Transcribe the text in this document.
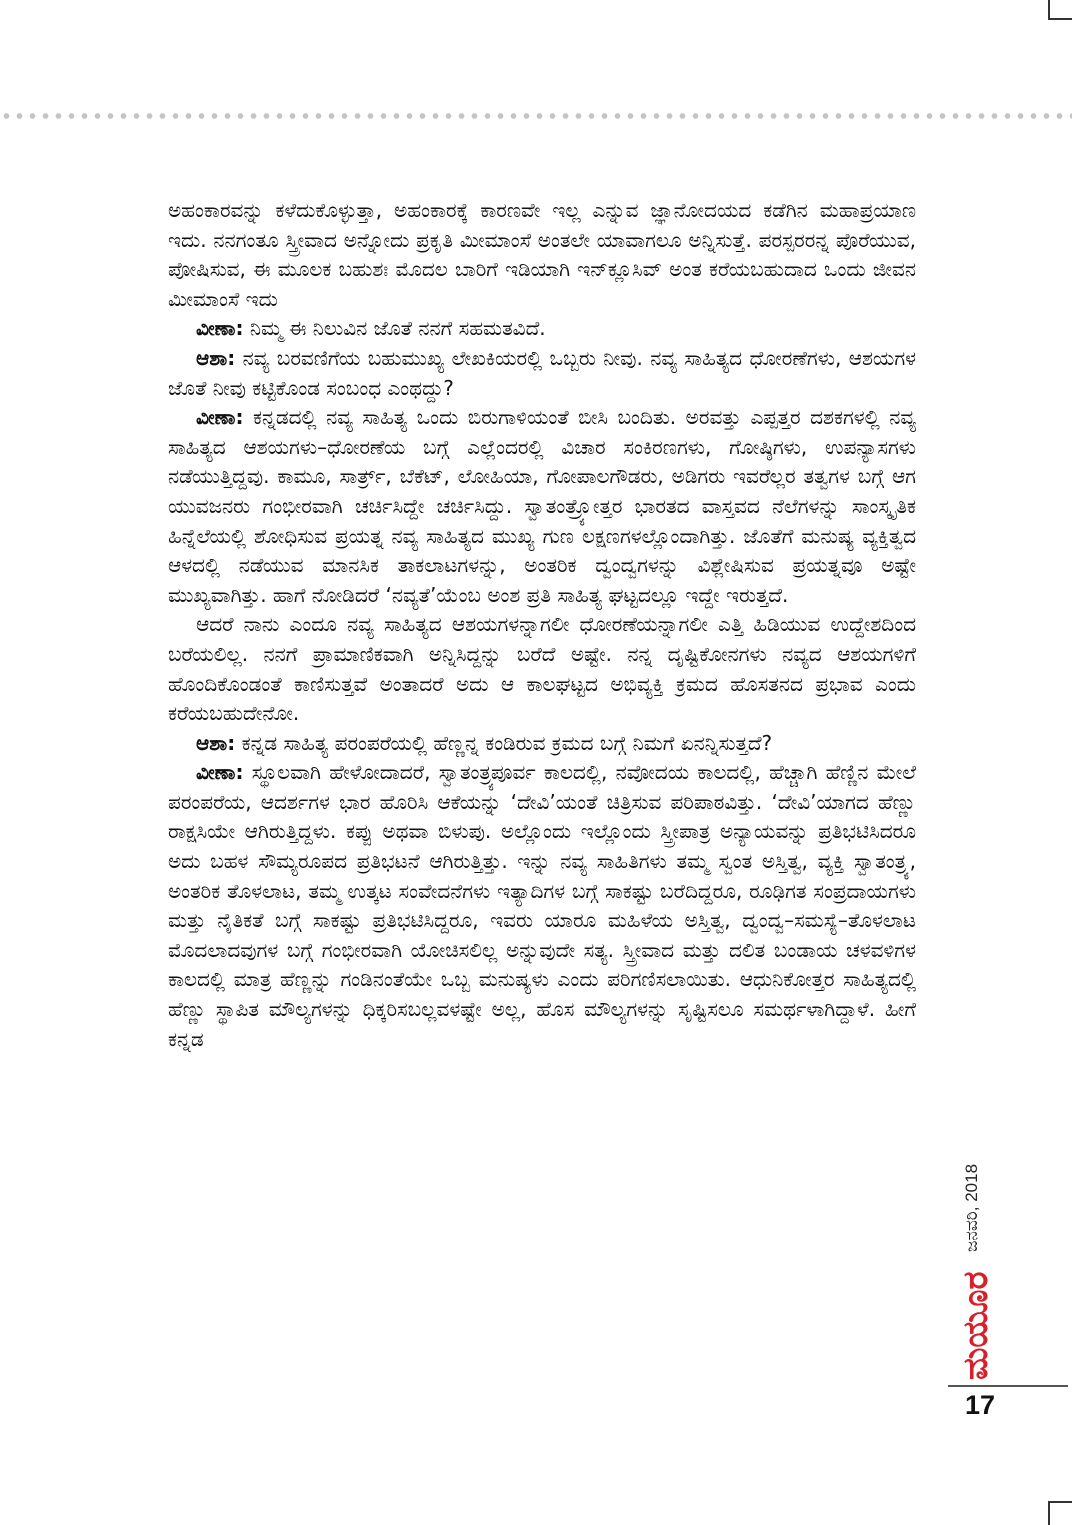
ಅಹಂಕಾರವನ್ನು ಕಳೆದುಕೊಳ್ಳುತ್ತಾ, ಅಹಂಕಾರಕ್ಕೆ ಕಾರಣವೇ ಇಲ್ಲ ಎನ್ನುವ ಜ್ಞಾನೋದಯದ ಕಡೆಗಿನ ಮಹಾಪ್ರಯಾಣ ಇದು. ನನಗಂತೂ ಸ್ತ್ರೀವಾದ ಅನ್ನೋದು ಪ್ರಕೃತಿ ಮೀಮಾಂಸೆ ಅಂತಲೇ ಯಾವಾಗಲೂ ಅನ್ನಿಸುತ್ತೆ. ಪರಸ್ಪರರನ್ನ ಪೊರೆಯುವ, ಪೋಷಿಸುವ, ಈ ಮೂಲಕ ಬಹುಶಃ ಮೊದಲ ಬಾರಿಗೆ ಇಡಿಯಾಗಿ ಇನ್‌ಕ್ಲೂಸಿವ್ ಅಂತ ಕರೆಯಬಹುದಾದ ಒಂದು ಜೀವನ ಮೀಮಾಂಸೆ ಇದು

ವೀಣಾ: ನಿಮ್ಮ ಈ ನಿಲುವಿನ ಜೊತೆ ನನಗೆ ಸಹಮತವಿದೆ.

ಆಶಾ: ನವ್ಯ ಬರವಣಿಗೆಯ ಬಹುಮುಖ್ಯ ಲೇಖಕಿಯರಲ್ಲಿ ಒಬ್ಬರು ನೀವು. ನವ್ಯ ಸಾಹಿತ್ಯದ ಧೋರಣೆಗಳು, ಆಶಯಗಳ ಜೊತೆ ನೀವು ಕಟ್ಟಿಕೊಂಡ ಸಂಬಂಧ ಎಂಥದ್ದು?

ವೀಣಾ: ಕನ್ನಡದಲ್ಲಿ ನವ್ಯ ಸಾಹಿತ್ಯ ಒಂದು ಬಿರುಗಾಳಿಯಂತೆ ಬೀಸಿ ಬಂದಿತು. ಅರವತ್ತು ಎಪ್ಪತ್ತರ ದಶಕಗಳಲ್ಲಿ ನವ್ಯ ಸಾಹಿತ್ಯದ ಆಶಯಗಳು–ಧೋರಣೆಯ ಬಗ್ಗೆ ಎಲ್ಲೆಂದರಲ್ಲಿ ವಿಚಾರ ಸಂಕಿರಣಗಳು, ಗೋಷ್ಠಿಗಳು, ಉಪನ್ಯಾಸಗಳು ನಡೆಯುತ್ತಿದ್ದವು. ಕಾಮೂ, ಸಾರ್ತ್ರ್, ಬೆಕೆಟ್, ಲೋಹಿಯಾ, ಗೋಪಾಲಗೌಡರು, ಅಡಿಗರು ಇವರೆಲ್ಲರ ತತ್ವಗಳ ಬಗ್ಗೆ ಆಗ ಯುವಜನರು ಗಂಭೀರವಾಗಿ ಚರ್ಚಿಸಿದ್ದೇ ಚರ್ಚಿಸಿದ್ದು. ಸ್ವಾತಂತ್ರ್ಯೋತ್ತರ ಭಾರತದ ವಾಸ್ತವದ ನೆಲೆಗಳನ್ನು ಸಾಂಸ್ಕೃತಿಕ ಹಿನ್ನೆಲೆಯಲ್ಲಿ ಶೋಧಿಸುವ ಪ್ರಯತ್ನ ನವ್ಯ ಸಾಹಿತ್ಯದ ಮುಖ್ಯ ಗುಣ ಲಕ್ಷಣಗಳಲ್ಲೊಂದಾಗಿತ್ತು. ಜೊತೆಗೆ ಮನುಷ್ಯ ವ್ಯಕ್ತಿತ್ವದ ಆಳದಲ್ಲಿ ನಡೆಯುವ ಮಾನಸಿಕ ತಾಕಲಾಟಗಳನ್ನು, ಅಂತರಿಕ ದ್ವಂದ್ವಗಳನ್ನು ವಿಶ್ಲೇಷಿಸುವ ಪ್ರಯತ್ನವೂ ಅಷ್ಟೇ ಮುಖ್ಯವಾಗಿತ್ತು. ಹಾಗೆ ನೋಡಿದರೆ ‘ನವ್ಯತೆ’ಯೆಂಬ ಅಂಶ ಪ್ರತಿ ಸಾಹಿತ್ಯ ಘಟ್ಟದಲ್ಲೂ ಇದ್ದೇ ಇರುತ್ತದೆ.

ಆದರೆ ನಾನು ಎಂದೂ ನವ್ಯ ಸಾಹಿತ್ಯದ ಆಶಯಗಳನ್ನಾಗಲೀ ಧೋರಣೆಯನ್ನಾಗಲೀ ಎತ್ತಿ ಹಿಡಿಯುವ ಉದ್ದೇಶದಿಂದ ಬರೆಯಲಿಲ್ಲ. ನನಗೆ ಪ್ರಾಮಾಣಿಕವಾಗಿ ಅನ್ನಿಸಿದ್ದನ್ನು ಬರೆದೆ ಅಷ್ಟೇ. ನನ್ನ ದೃಷ್ಟಿಕೋನಗಳು ನವ್ಯದ ಆಶಯಗಳಿಗೆ ಹೊಂದಿಕೊಂಡಂತೆ ಕಾಣಿಸುತ್ತವೆ ಅಂತಾದರೆ ಅದು ಆ ಕಾಲಘಟ್ಟದ ಅಭಿವ್ಯಕ್ತಿ ಕ್ರಮದ ಹೊಸತನದ ಪ್ರಭಾವ ಎಂದು ಕರೆಯಬಹುದೇನೋ.

ಆಶಾ: ಕನ್ನಡ ಸಾಹಿತ್ಯ ಪರಂಪರೆಯಲ್ಲಿ ಹೆಣ್ಣನ್ನ ಕಂಡಿರುವ ಕ್ರಮದ ಬಗ್ಗೆ ನಿಮಗೆ ಏನನ್ನಿಸುತ್ತದೆ?

ವೀಣಾ: ಸ್ಥೂಲವಾಗಿ ಹೇಳೋದಾದರೆ, ಸ್ವಾತಂತ್ರ್ಯಪೂರ್ವ ಕಾಲದಲ್ಲಿ, ನವೋದಯ ಕಾಲದಲ್ಲಿ, ಹೆಚ್ಚಾಗಿ ಹೆಣ್ಣಿನ ಮೇಲೆ ಪರಂಪರೆಯ, ಆದರ್ಶಗಳ ಭಾರ ಹೊರಿಸಿ ಆಕೆಯನ್ನು ‘ದೇವಿ’ಯಂತೆ ಚಿತ್ರಿಸುವ ಪರಿಪಾಠವಿತ್ತು. ‘ದೇವಿ’ಯಾಗದ ಹೆಣ್ಣು ರಾಕ್ಷಸಿಯೇ ಆಗಿರುತ್ತಿದ್ದಳು. ಕಪ್ಪು ಅಥವಾ ಬಿಳುಪು. ಅಲ್ಲೊಂದು ಇಲ್ಲೊಂದು ಸ್ತ್ರೀಪಾತ್ರ ಅನ್ಯಾಯವನ್ನು ಪ್ರತಿಭಟಿಸಿದರೂ ಅದು ಬಹಳ ಸೌಮ್ಯರೂಪದ ಪ್ರತಿಭಟನೆ ಆಗಿರುತ್ತಿತ್ತು. ಇನ್ನು ನವ್ಯ ಸಾಹಿತಿಗಳು ತಮ್ಮ ಸ್ವಂತ ಅಸ್ತಿತ್ವ, ವ್ಯಕ್ತಿ ಸ್ವಾತಂತ್ರ್ಯ, ಅಂತರಿಕ ತೊಳಲಾಟ, ತಮ್ಮ ಉತ್ಕಟ ಸಂವೇದನೆಗಳು ಇತ್ಯಾದಿಗಳ ಬಗ್ಗೆ ಸಾಕಷ್ಟು ಬರೆದಿದ್ದರೂ, ರೂಢಿಗತ ಸಂಪ್ರದಾಯಗಳು ಮತ್ತು ನೈತಿಕತೆ ಬಗ್ಗೆ ಸಾಕಷ್ಟು ಪ್ರತಿಭಟಿಸಿದ್ದರೂ, ಇವರು ಯಾರೂ ಮಹಿಳೆಯ ಅಸ್ತಿತ್ವ, ದ್ವಂದ್ವ–ಸಮಸ್ಯೆ–ತೊಳಲಾಟ ಮೊದಲಾದವುಗಳ ಬಗ್ಗೆ ಗಂಭೀರವಾಗಿ ಯೋಚಿಸಲಿಲ್ಲ ಅನ್ನುವುದೇ ಸತ್ಯ. ಸ್ತ್ರೀವಾದ ಮತ್ತು ದಲಿತ ಬಂಡಾಯ ಚಳವಳಿಗಳ ಕಾಲದಲ್ಲಿ ಮಾತ್ರ ಹೆಣ್ಣನ್ನು ಗಂಡಿನಂತೆಯೇ ಒಬ್ಬ ಮನುಷ್ಯಳು ಎಂದು ಪರಿಗಣಿಸಲಾಯಿತು. ಆಧುನಿಕೋತ್ತರ ಸಾಹಿತ್ಯದಲ್ಲಿ ಹೆಣ್ಣು ಸ್ಥಾಪಿತ ಮೌಲ್ಯಗಳನ್ನು ಧಿಕ್ಕರಿಸಬಲ್ಲವಳಷ್ಟೇ ಅಲ್ಲ, ಹೊಸ ಮೌಲ್ಯಗಳನ್ನು ಸೃಷ್ಟಿಸಲೂ ಸಮರ್ಥಳಾಗಿದ್ದಾಳೆ. ಹೀಗೆ ಕನ್ನಡ

ಜನವರಿ, 2018
ಮಯೂರ
17
